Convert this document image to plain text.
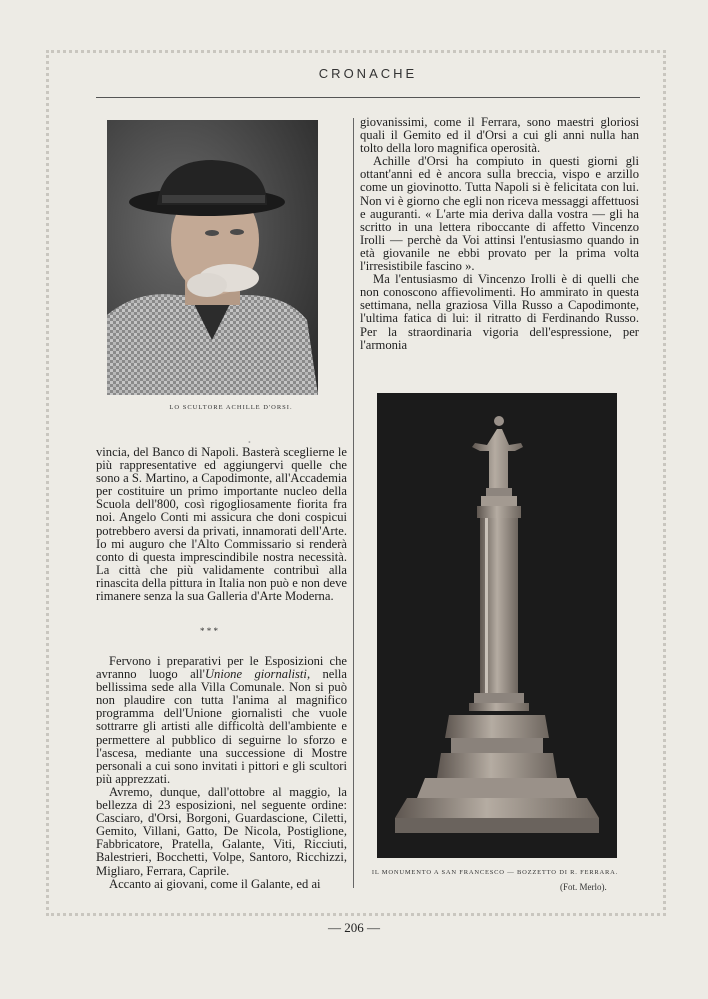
CRONACHE
LO SCULTORE ACHILLE D'ORSI.
•

vincia, del Banco di Napoli. Basterà sceglierne le più rappresentative ed aggiungervi quelle che sono a S. Martino, a Capodimonte, all'Accademia per costituire un primo importante nucleo della Scuola dell'800, così rigogliosamente fiorita fra noi. Angelo Conti mi assicura che doni cospicui potrebbero aversi da privati, innamorati dell'Arte. Io mi auguro che l'Alto Commissario si renderà conto di questa imprescindibile nostra necessità. La città che più validamente contribuì alla rinascita della pittura in Italia non può e non deve rimanere senza la sua Galleria d'Arte Moderna.

* * *

Fervono i preparativi per le Esposizioni che avranno luogo all'Unione giornalisti, nella bellissima sede alla Villa Comunale. Non si può non plaudire con tutta l'anima al magnifico programma dell'Unione giornalisti che vuole sottrarre gli artisti alle difficoltà dell'ambiente e permettere al pubblico di seguirne lo sforzo e l'ascesa, mediante una successione di Mostre personali a cui sono invitati i pittori e gli scultori più apprezzati.

Avremo, dunque, dall'ottobre al maggio, la bellezza di 23 esposizioni, nel seguente ordine: Casciaro, d'Orsi, Borgoni, Guardascione, Ciletti, Gemito, Villani, Gatto, De Nicola, Postiglione, Fabbricatore, Pratella, Galante, Viti, Ricciuti, Balestrieri, Bocchetti, Volpe, Santoro, Ricchizzi, Migliaro, Ferrara, Caprile.

Accanto ai giovani, come il Galante, ed ai

giovanissimi, come il Ferrara, sono maestri gloriosi quali il Gemito ed il d'Orsi a cui gli anni nulla han tolto della loro magnifica operosità.

Achille d'Orsi ha compiuto in questi giorni gli ottant'anni ed è ancora sulla breccia, vispo e arzillo come un giovinotto. Tutta Napoli si è felicitata con lui. Non vi è giorno che egli non riceva messaggi affettuosi e auguranti. « L'arte mia deriva dalla vostra — gli ha scritto in una lettera riboccante di affetto Vincenzo Irolli — perchè da Voi attinsi l'entusiasmo quando in età giovanile ne ebbi provato per la prima volta l'irresistibile fascino ».

Ma l'entusiasmo di Vincenzo Irolli è di quelli che non conoscono affievolimenti. Ho ammirato in questa settimana, nella graziosa Villa Russo a Capodimonte, l'ultima fatica di lui: il ritratto di Ferdinando Russo. Per la straordinaria vigoria dell'espressione, per l'armonia

IL MONUMENTO A SAN FRANCESCO — BOZZETTO DI R. FERRARA.
(Fot. Merlo).
— 206 —
